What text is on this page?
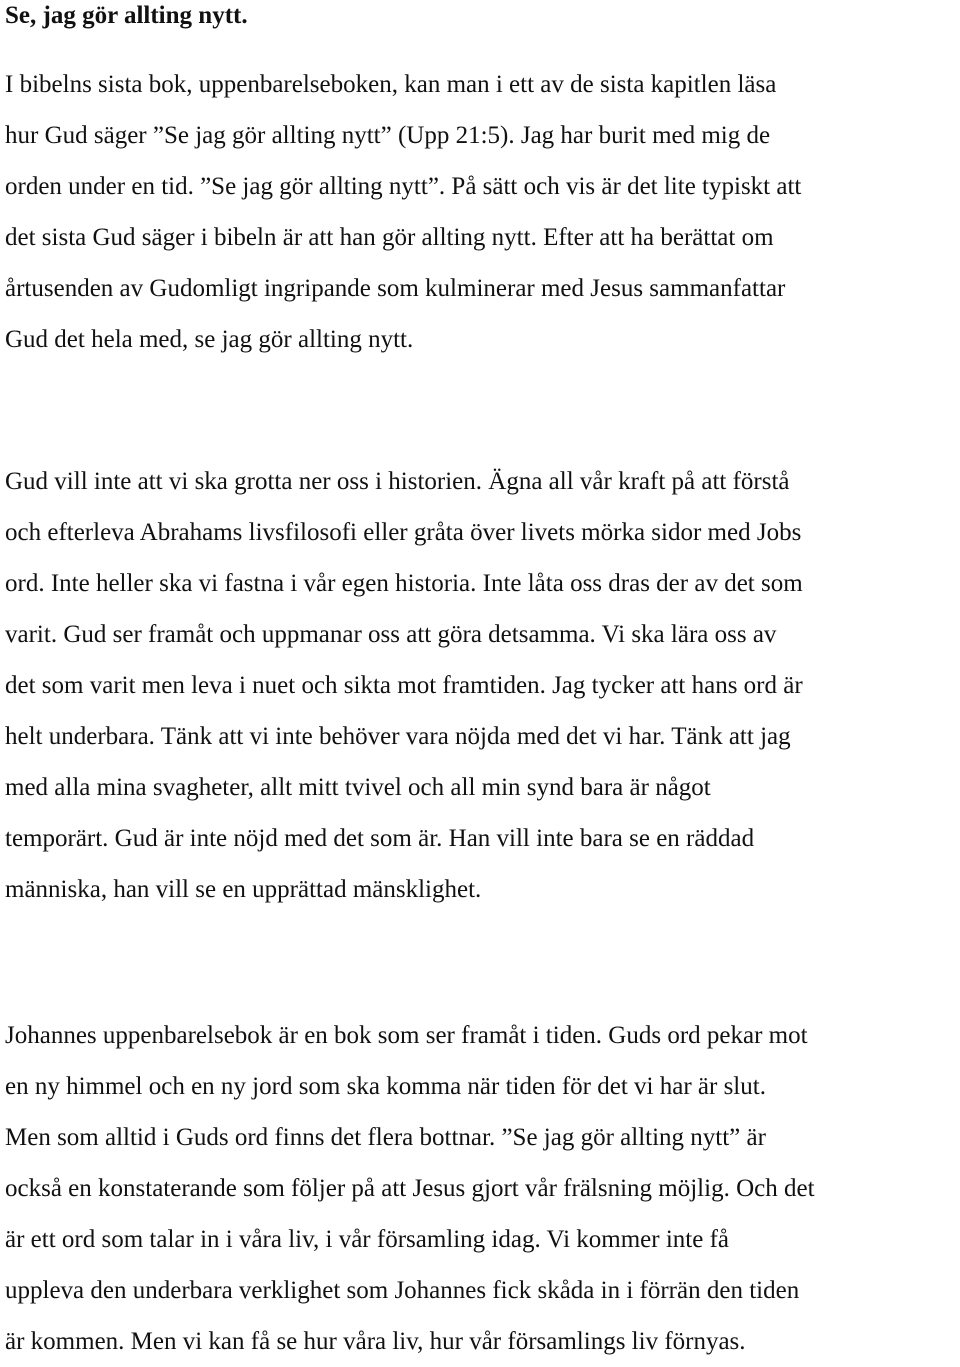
Se, jag gör allting nytt.

I bibelns sista bok, uppenbarelseboken, kan man i ett av de sista kapitlen läsa
hur Gud säger ”Se jag gör allting nytt” (Upp 21:5). Jag har burit med mig de
orden under en tid. ”Se jag gör allting nytt”. På sätt och vis är det lite typiskt att
det sista Gud säger i bibeln är att han gör allting nytt. Efter att ha berättat om
årtusenden av Gudomligt ingripande som kulminerar med Jesus sammanfattar
Gud det hela med, se jag gör allting nytt.

Gud vill inte att vi ska grotta ner oss i historien. Ägna all vår kraft på att förstå
och efterleva Abrahams livsfilosofi eller gråta över livets mörka sidor med Jobs
ord. Inte heller ska vi fastna i vår egen historia. Inte låta oss dras der av det som
varit. Gud ser framåt och uppmanar oss att göra detsamma. Vi ska lära oss av
det som varit men leva i nuet och sikta mot framtiden. Jag tycker att hans ord är
helt underbara. Tänk att vi inte behöver vara nöjda med det vi har. Tänk att jag
med alla mina svagheter, allt mitt tvivel och all min synd bara är något
temporärt. Gud är inte nöjd med det som är. Han vill inte bara se en räddad
människa, han vill se en upprättad mänsklighet.

Johannes uppenbarelsebok är en bok som ser framåt i tiden. Guds ord pekar mot
en ny himmel och en ny jord som ska komma när tiden för det vi har är slut.
Men som alltid i Guds ord finns det flera bottnar. ”Se jag gör allting nytt” är
också en konstaterande som följer på att Jesus gjort vår frälsning möjlig. Och det
är ett ord som talar in i våra liv, i vår församling idag. Vi kommer inte få
uppleva den underbara verklighet som Johannes fick skåda in i förrän den tiden
är kommen. Men vi kan få se hur våra liv, hur vår församlings liv förnyas.
